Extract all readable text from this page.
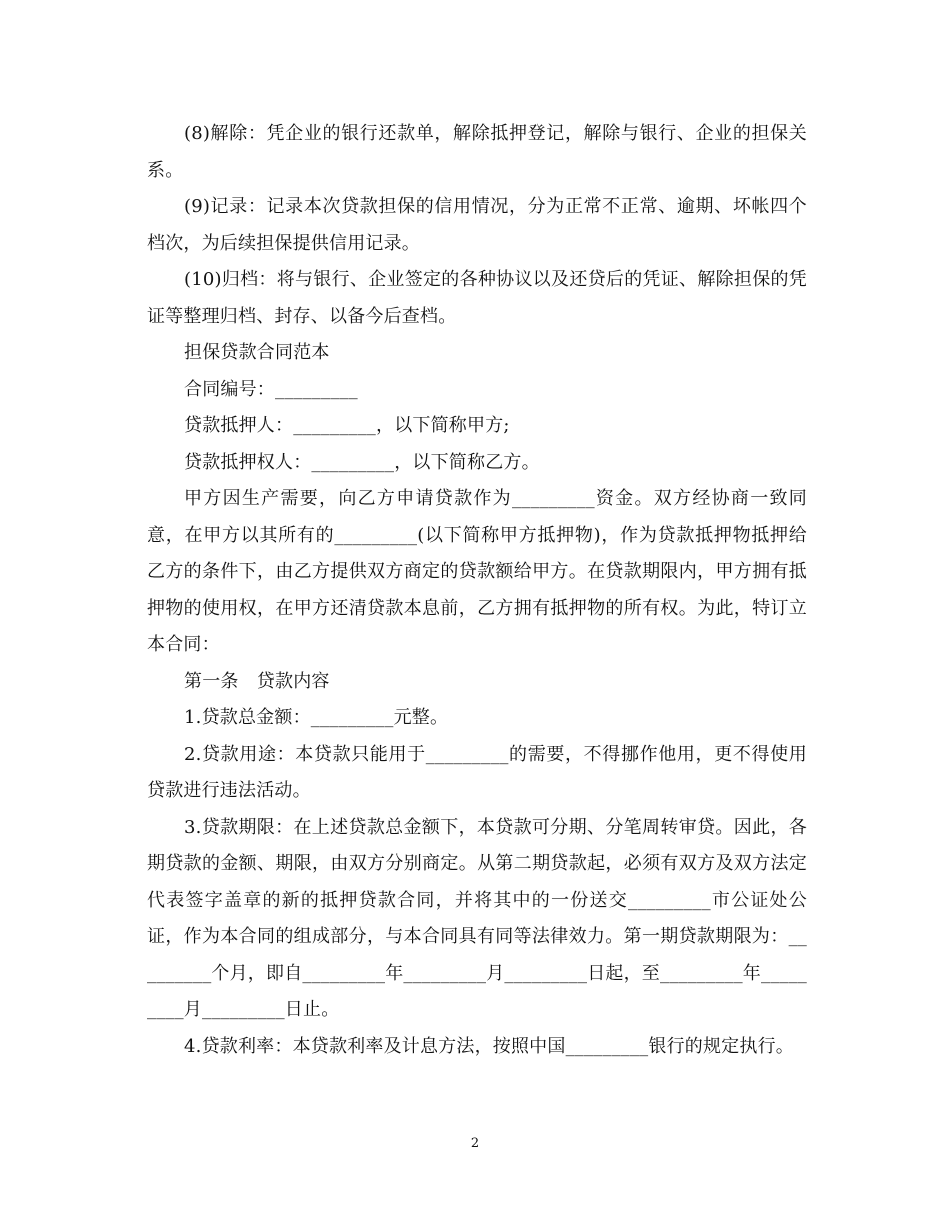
(8)解除：凭企业的银行还款单，解除抵押登记，解除与银行、企业的担保关系。

(9)记录：记录本次贷款担保的信用情况，分为正常不正常、逾期、坏帐四个档次，为后续担保提供信用记录。

(10)归档：将与银行、企业签定的各种协议以及还贷后的凭证、解除担保的凭证等整理归档、封存、以备今后查档。

担保贷款合同范本

合同编号：_________

贷款抵押人：_________，以下简称甲方;

贷款抵押权人：_________，以下简称乙方。

甲方因生产需要，向乙方申请贷款作为_________资金。双方经协商一致同意，在甲方以其所有的_________(以下简称甲方抵押物)，作为贷款抵押物抵押给乙方的条件下，由乙方提供双方商定的贷款额给甲方。在贷款期限内，甲方拥有抵押物的使用权，在甲方还清贷款本息前，乙方拥有抵押物的所有权。为此，特订立本合同：

第一条　贷款内容

1.贷款总金额：_________元整。

2.贷款用途：本贷款只能用于_________的需要，不得挪作他用，更不得使用贷款进行违法活动。

3.贷款期限：在上述贷款总金额下，本贷款可分期、分笔周转审贷。因此，各期贷款的金额、期限，由双方分别商定。从第二期贷款起，必须有双方及双方法定代表签字盖章的新的抵押贷款合同，并将其中的一份送交_________市公证处公证，作为本合同的组成部分，与本合同具有同等法律效力。第一期贷款期限为：_________个月，即自_________年_________月_________日起，至_________年_________月_________日止。

4.贷款利率：本贷款利率及计息方法，按照中国_________银行的规定执行。

2
